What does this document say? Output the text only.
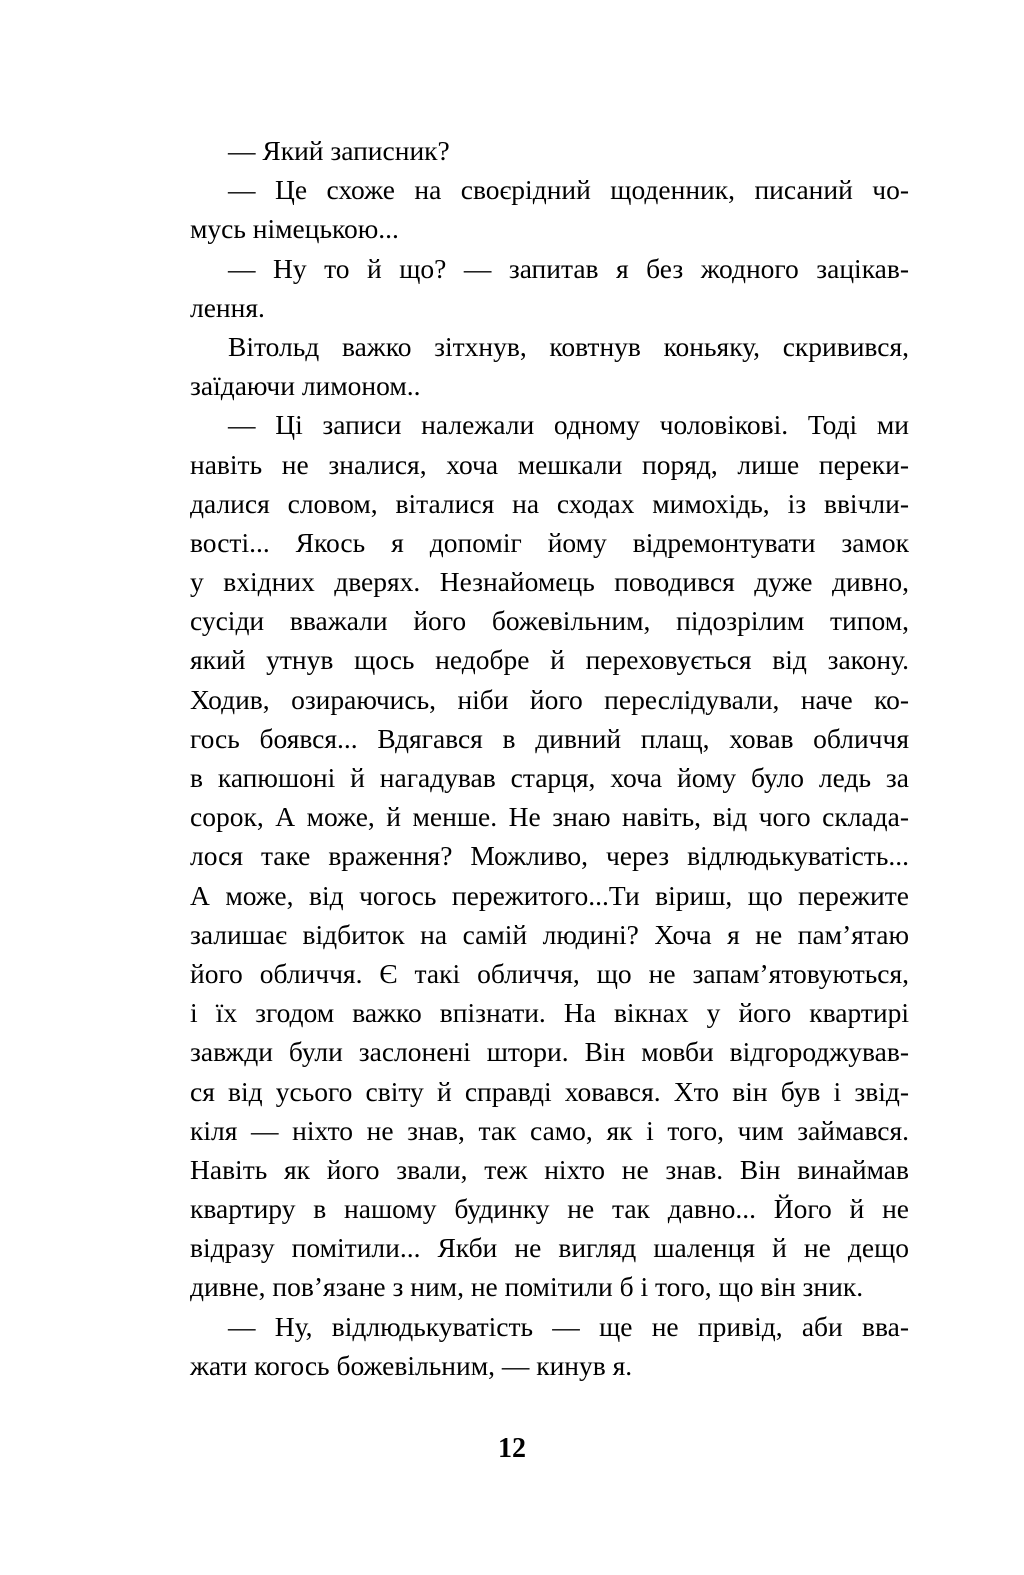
— Який записник?
— Це схоже на своєрідний щоденник, писаний чо-
мусь німецькою...
— Ну то й що? — запитав я без жодного зацікав-
лення.
Вітольд важко зітхнув, ковтнув коньяку, скривився,
заїдаючи лимоном..
— Ці записи належали одному чоловікові. Тоді ми
навіть не зналися, хоча мешкали поряд, лише переки-
далися словом, віталися на сходах мимохідь, із ввічли-
вості... Якось я допоміг йому відремонтувати замок
у вхідних дверях. Незнайомець поводився дуже дивно,
сусіди вважали його божевільним, підозрілим типом,
який утнув щось недобре й переховується від закону.
Ходив, озираючись, ніби його переслідували, наче ко-
гось боявся... Вдягався в дивний плащ, ховав обличчя
в капюшоні й нагадував старця, хоча йому було ледь за
сорок, А може, й менше. Не знаю навіть, від чого склада-
лося таке враження? Можливо, через відлюдькуватість...
А може, від чогось пережитого...Ти віриш, що пережите
залишає відбиток на самій людині? Хоча я не пам’ятаю
його обличчя. Є такі обличчя, що не запам’ятовуються,
і їх згодом важко впізнати. На вікнах у його квартирі
завжди були заслонені штори. Він мовби відгороджував-
ся від усього світу й справді ховався. Хто він був і звід-
кіля — ніхто не знав, так само, як і того, чим займався.
Навіть як його звали, теж ніхто не знав. Він винаймав
квартиру в нашому будинку не так давно... Його й не
відразу помітили... Якби не вигляд шаленця й не дещо
дивне, пов’язане з ним, не помітили б і того, що він зник.
— Ну, відлюдькуватість — ще не привід, аби вва-
жати когось божевільним, — кинув я.
12
